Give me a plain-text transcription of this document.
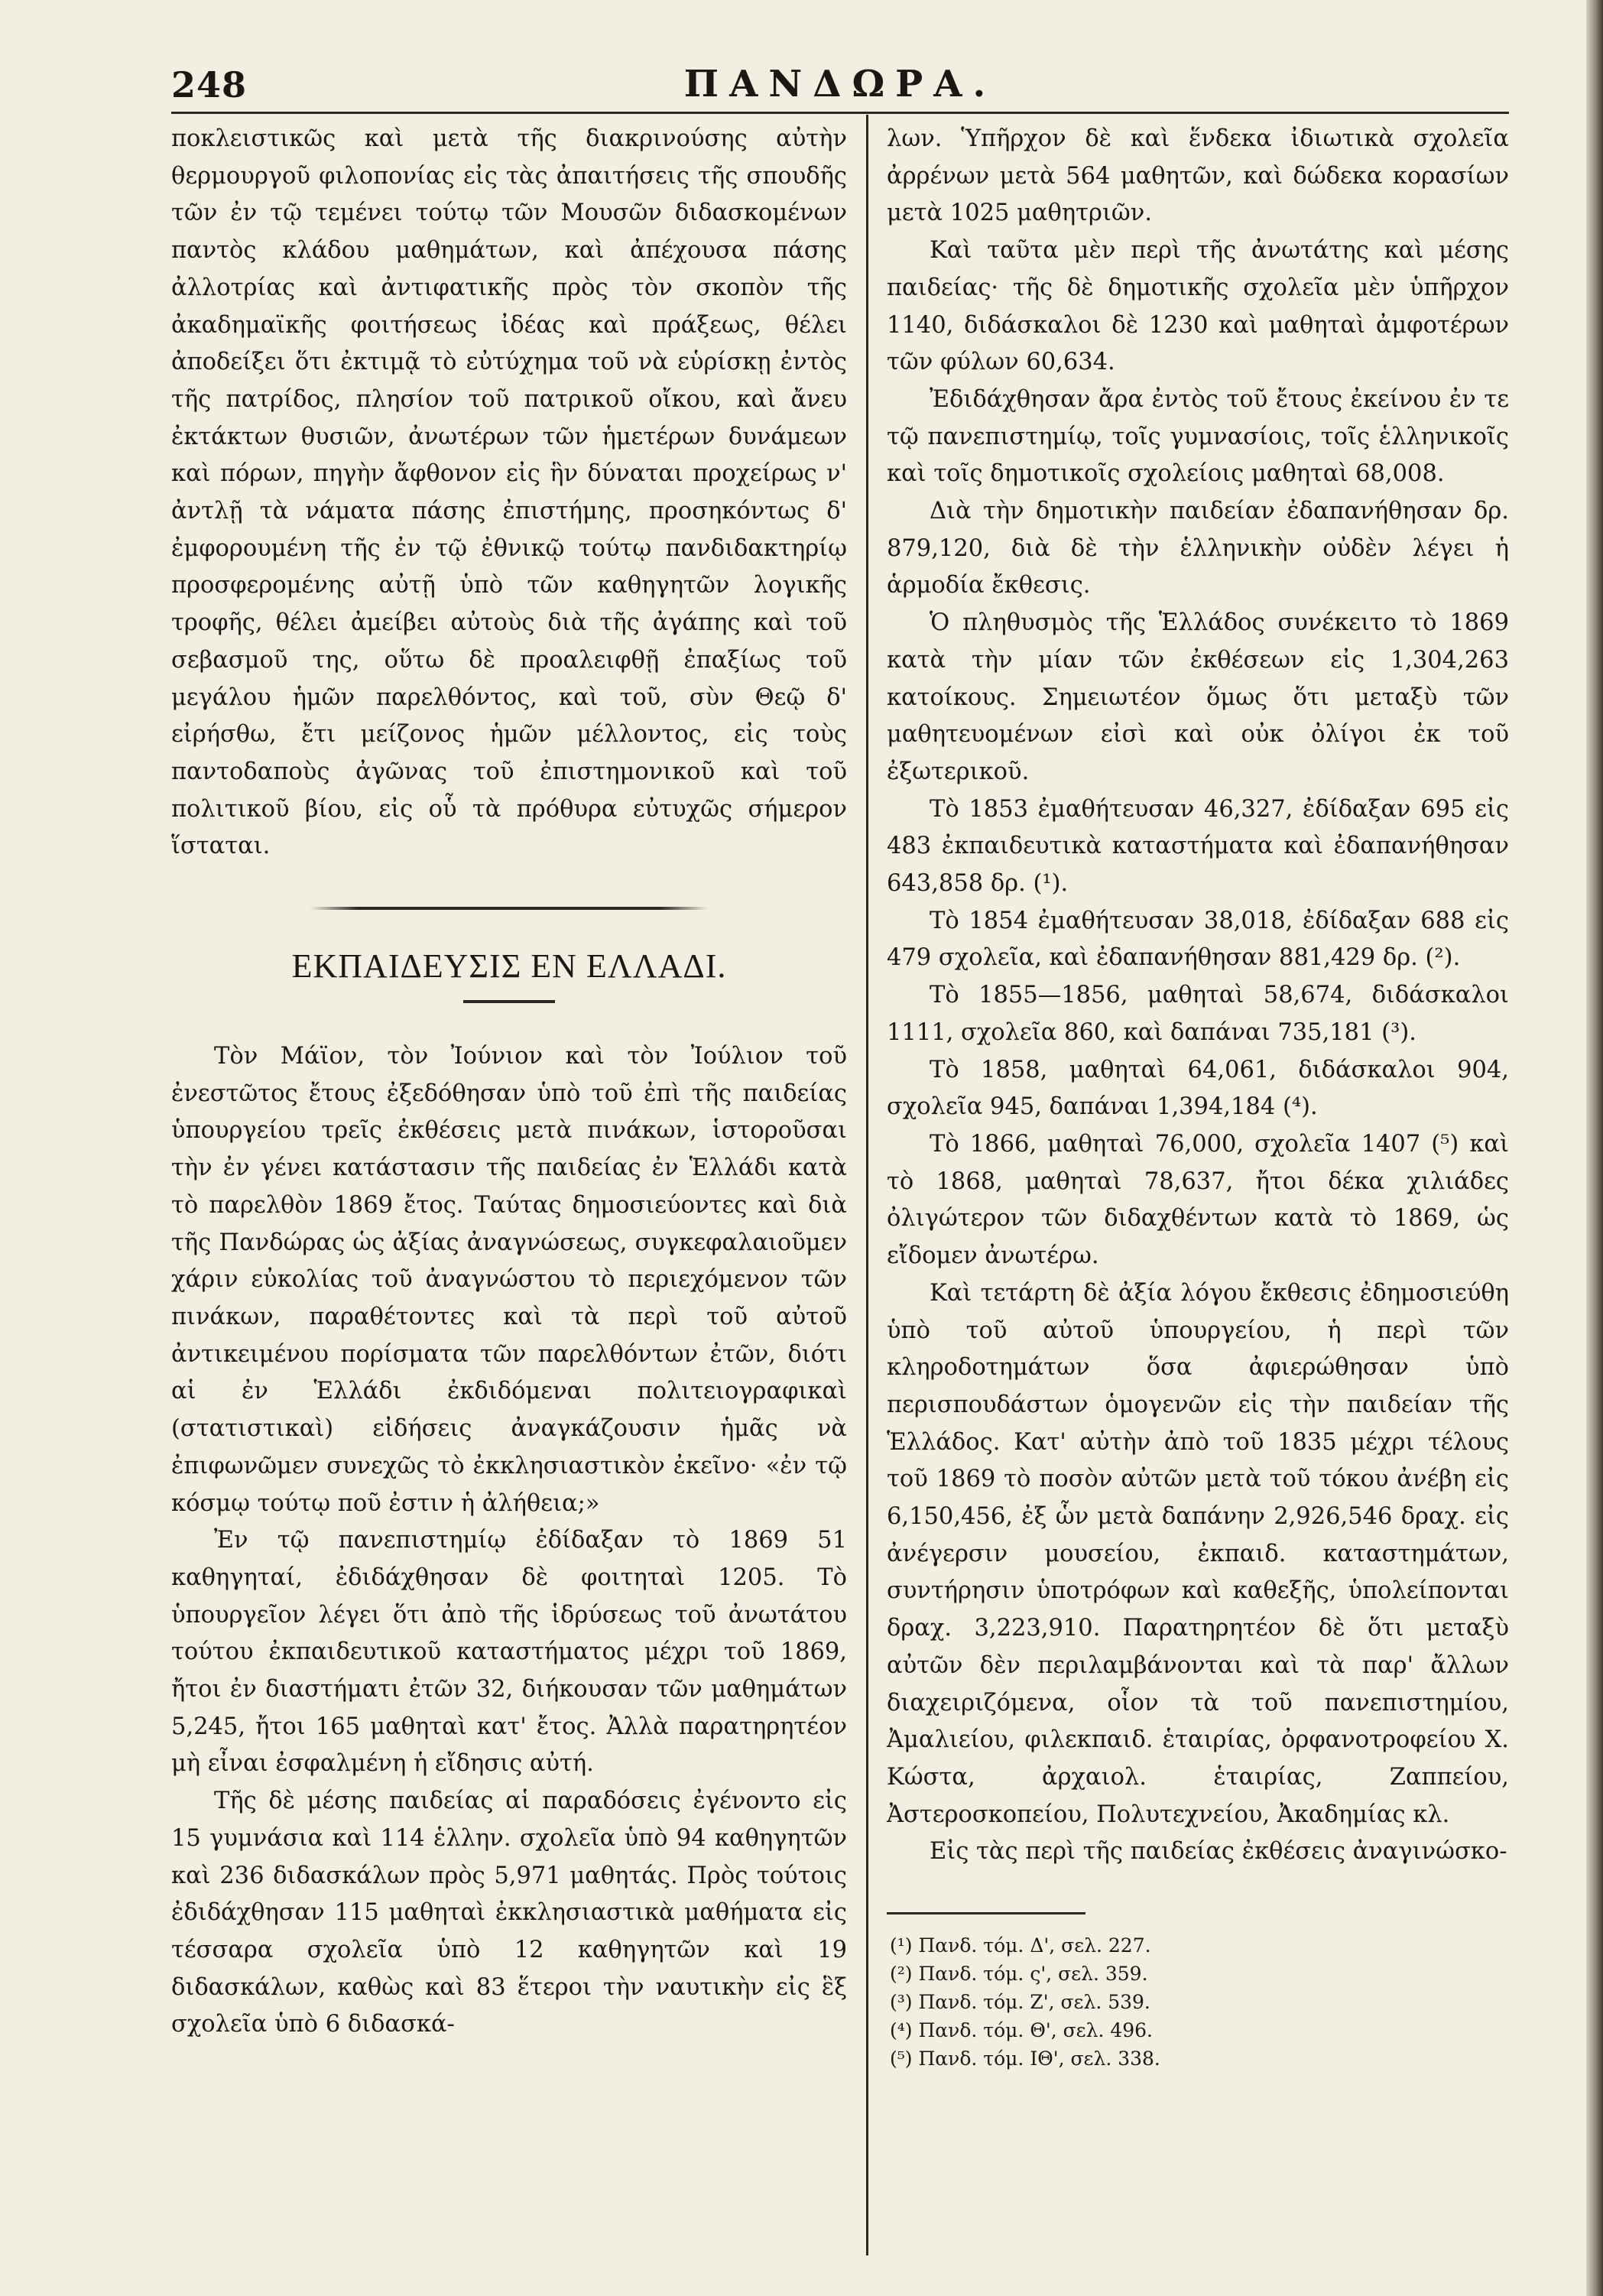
248	ΠΑΝΔΩΡΑ.

ποκλειστικῶς καὶ μετὰ τῆς διακρινούσης αὐτὴν θερμουργοῦ φιλοπονίας εἰς τὰς ἀπαιτήσεις τῆς σπουδῆς τῶν ἐν τῷ τεμένει τούτῳ τῶν Μουσῶν διδασκομένων παντὸς κλάδου μαθημάτων, καὶ ἀπέχουσα πάσης ἀλλοτρίας καὶ ἀντιφατικῆς πρὸς τὸν σκοπὸν τῆς ἀκαδημαϊκῆς φοιτήσεως ἰδέας καὶ πράξεως, θέλει ἀποδείξει ὅτι ἐκτιμᾷ τὸ εὐτύχημα τοῦ νὰ εὑρίσκῃ ἐντὸς τῆς πατρίδος, πλησίον τοῦ πατρικοῦ οἴκου, καὶ ἄνευ ἐκτάκτων θυσιῶν, ἀνωτέρων τῶν ἡμετέρων δυνάμεων καὶ πόρων, πηγὴν ἄφθονον εἰς ἣν δύναται προχείρως ν' ἀντλῇ τὰ νάματα πάσης ἐπιστήμης, προσηκόντως δ' ἐμφορουμένη τῆς ἐν τῷ ἐθνικῷ τούτῳ πανδιδακτηρίῳ προσφερομένης αὐτῇ ὑπὸ τῶν καθηγητῶν λογικῆς τροφῆς, θέλει ἀμείβει αὐτοὺς διὰ τῆς ἀγάπης καὶ τοῦ σεβασμοῦ της, οὕτω δὲ προαλειφθῇ ἐπαξίως τοῦ μεγάλου ἡμῶν παρελθόντος, καὶ τοῦ, σὺν Θεῷ δ' εἰρήσθω, ἔτι μείζονος ἡμῶν μέλλοντος, εἰς τοὺς παντοδαποὺς ἀγῶνας τοῦ ἐπιστημονικοῦ καὶ τοῦ πολιτικοῦ βίου, εἰς οὗ τὰ πρόθυρα εὐτυχῶς σήμερον ἵσταται.

ΕΚΠΑΙΔΕΥΣΙΣ ΕΝ ΕΛΛΑΔΙ.

Τὸν Μάϊον, τὸν Ἰούνιον καὶ τὸν Ἰούλιον τοῦ ἐνεστῶτος ἔτους ἐξεδόθησαν ὑπὸ τοῦ ἐπὶ τῆς παιδείας ὑπουργείου τρεῖς ἐκθέσεις μετὰ πινάκων, ἱστοροῦσαι τὴν ἐν γένει κατάστασιν τῆς παιδείας ἐν Ἑλλάδι κατὰ τὸ παρελθὸν 1869 ἔτος. Ταύτας δημοσιεύοντες καὶ διὰ τῆς Πανδώρας ὡς ἀξίας ἀναγνώσεως, συγκεφαλαιοῦμεν χάριν εὐκολίας τοῦ ἀναγνώστου τὸ περιεχόμενον τῶν πινάκων, παραθέτοντες καὶ τὰ περὶ τοῦ αὐτοῦ ἀντικειμένου πορίσματα τῶν παρελθόντων ἐτῶν, διότι αἱ ἐν Ἑλλάδι ἐκδιδόμεναι πολιτειογραφικαὶ (στατιστικαὶ) εἰδήσεις ἀναγκάζουσιν ἡμᾶς νὰ ἐπιφωνῶμεν συνεχῶς τὸ ἐκκλησιαστικὸν ἐκεῖνο· «ἐν τῷ κόσμῳ τούτῳ ποῦ ἐστιν ἡ ἀλήθεια;»

Ἐν τῷ πανεπιστημίῳ ἐδίδαξαν τὸ 1869 51 καθηγηταί, ἐδιδάχθησαν δὲ φοιτηταὶ 1205. Τὸ ὑπουργεῖον λέγει ὅτι ἀπὸ τῆς ἱδρύσεως τοῦ ἀνωτάτου τούτου ἐκπαιδευτικοῦ καταστήματος μέχρι τοῦ 1869, ἤτοι ἐν διαστήματι ἐτῶν 32, διήκουσαν τῶν μαθημάτων 5,245, ἤτοι 165 μαθηταὶ κατ' ἔτος. Ἀλλὰ παρατηρητέον μὴ εἶναι ἐσφαλμένη ἡ εἴδησις αὐτή.

Τῆς δὲ μέσης παιδείας αἱ παραδόσεις ἐγένοντο εἰς 15 γυμνάσια καὶ 114 ἑλλην. σχολεῖα ὑπὸ 94 καθηγητῶν καὶ 236 διδασκάλων πρὸς 5,971 μαθητάς. Πρὸς τούτοις ἐδιδάχθησαν 115 μαθηταὶ ἐκκλησιαστικὰ μαθήματα εἰς τέσσαρα σχολεῖα ὑπὸ 12 καθηγητῶν καὶ 19 διδασκάλων, καθὼς καὶ 83 ἕτεροι τὴν ναυτικὴν εἰς ἓξ σχολεῖα ὑπὸ 6 διδασκά-

λων. Ὑπῆρχον δὲ καὶ ἕνδεκα ἰδιωτικὰ σχολεῖα ἀρρένων μετὰ 564 μαθητῶν, καὶ δώδεκα κορασίων μετὰ 1025 μαθητριῶν.

Καὶ ταῦτα μὲν περὶ τῆς ἀνωτάτης καὶ μέσης παιδείας· τῆς δὲ δημοτικῆς σχολεῖα μὲν ὑπῆρχον 1140, διδάσκαλοι δὲ 1230 καὶ μαθηταὶ ἀμφοτέρων τῶν φύλων 60,634.

Ἐδιδάχθησαν ἄρα ἐντὸς τοῦ ἔτους ἐκείνου ἐν τε τῷ πανεπιστημίῳ, τοῖς γυμνασίοις, τοῖς ἑλληνικοῖς καὶ τοῖς δημοτικοῖς σχολείοις μαθηταὶ 68,008.

Διὰ τὴν δημοτικὴν παιδείαν ἐδαπανήθησαν δρ. 879,120, διὰ δὲ τὴν ἑλληνικὴν οὐδὲν λέγει ἡ ἁρμοδία ἔκθεσις.

Ὁ πληθυσμὸς τῆς Ἑλλάδος συνέκειτο τὸ 1869 κατὰ τὴν μίαν τῶν ἐκθέσεων εἰς 1,304,263 κατοίκους. Σημειωτέον ὅμως ὅτι μεταξὺ τῶν μαθητευομένων εἰσὶ καὶ οὐκ ὀλίγοι ἐκ τοῦ ἐξωτερικοῦ.

Τὸ 1853 ἐμαθήτευσαν 46,327, ἐδίδαξαν 695 εἰς 483 ἐκπαιδευτικὰ καταστήματα καὶ ἐδαπανήθησαν 643,858 δρ. (¹).

Τὸ 1854 ἐμαθήτευσαν 38,018, ἐδίδαξαν 688 εἰς 479 σχολεῖα, καὶ ἐδαπανήθησαν 881,429 δρ. (²).

Τὸ 1855—1856, μαθηταὶ 58,674, διδάσκαλοι 1111, σχολεῖα 860, καὶ δαπάναι 735,181 (³).

Τὸ 1858, μαθηταὶ 64,061, διδάσκαλοι 904, σχολεῖα 945, δαπάναι 1,394,184 (⁴).

Τὸ 1866, μαθηταὶ 76,000, σχολεῖα 1407 (⁵) καὶ τὸ 1868, μαθηταὶ 78,637, ἤτοι δέκα χιλιάδες ὀλιγώτερον τῶν διδαχθέντων κατὰ τὸ 1869, ὡς εἴδομεν ἀνωτέρω.

Καὶ τετάρτη δὲ ἀξία λόγου ἔκθεσις ἐδημοσιεύθη ὑπὸ τοῦ αὐτοῦ ὑπουργείου, ἡ περὶ τῶν κληροδοτημάτων ὅσα ἀφιερώθησαν ὑπὸ περισπουδάστων ὁμογενῶν εἰς τὴν παιδείαν τῆς Ἑλλάδος. Κατ' αὐτὴν ἀπὸ τοῦ 1835 μέχρι τέλους τοῦ 1869 τὸ ποσὸν αὐτῶν μετὰ τοῦ τόκου ἀνέβη εἰς 6,150,456, ἐξ ὧν μετὰ δαπάνην 2,926,546 δραχ. εἰς ἀνέγερσιν μουσείου, ἐκπαιδ. καταστημάτων, συντήρησιν ὑποτρόφων καὶ καθεξῆς, ὑπολείπονται δραχ. 3,223,910. Παρατηρητέον δὲ ὅτι μεταξὺ αὐτῶν δὲν περιλαμβάνονται καὶ τὰ παρ' ἄλλων διαχειριζόμενα, οἷον τὰ τοῦ πανεπιστημίου, Ἀμαλιείου, φιλεκπαιδ. ἑταιρίας, ὀρφανοτροφείου Χ. Κώστα, ἀρχαιολ. ἑταιρίας, Ζαππείου, Ἀστεροσκοπείου, Πολυτεχνείου, Ἀκαδημίας κλ.

Εἰς τὰς περὶ τῆς παιδείας ἐκθέσεις ἀναγινώσκο-

(¹) Πανδ. τόμ. Δ', σελ. 227.
(²) Πανδ. τόμ. ς', σελ. 359.
(³) Πανδ. τόμ. Ζ', σελ. 539.
(⁴) Πανδ. τόμ. Θ', σελ. 496.
(⁵) Πανδ. τόμ. ΙΘ', σελ. 338.
